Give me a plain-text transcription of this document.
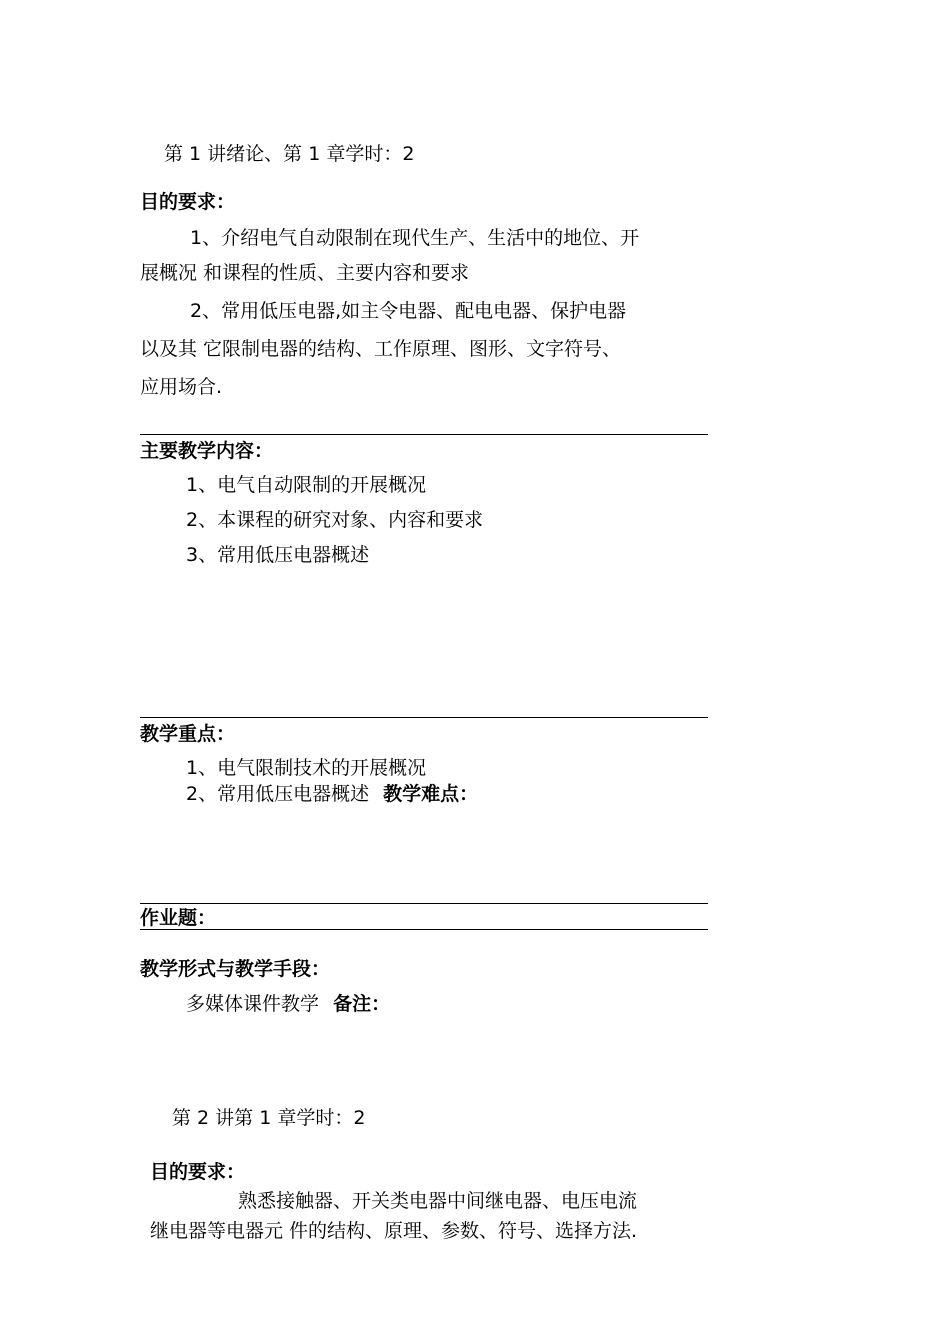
第 1 讲绪论、第 1 章学时：2
目的要求：
1、介绍电气自动限制在现代生产、生活中的地位、开
展概况 和课程的性质、主要内容和要求
2、常用低压电器,如主令电器、配电电器、保护电器
以及其 它限制电器的结构、工作原理、图形、文字符号、
应用场合.
主要教学内容：
1、电气自动限制的开展概况
2、本课程的研究对象、内容和要求
3、常用低压电器概述
教学重点：
1、电气限制技术的开展概况
2、常用低压电器概述 教学难点：
作业题：
教学形式与教学手段：
多媒体课件教学 备注：
第 2 讲第 1 章学时：2
目的要求：
熟悉接触器、开关类电器中间继电器、电压电流
继电器等电器元 件的结构、原理、参数、符号、选择方法.
